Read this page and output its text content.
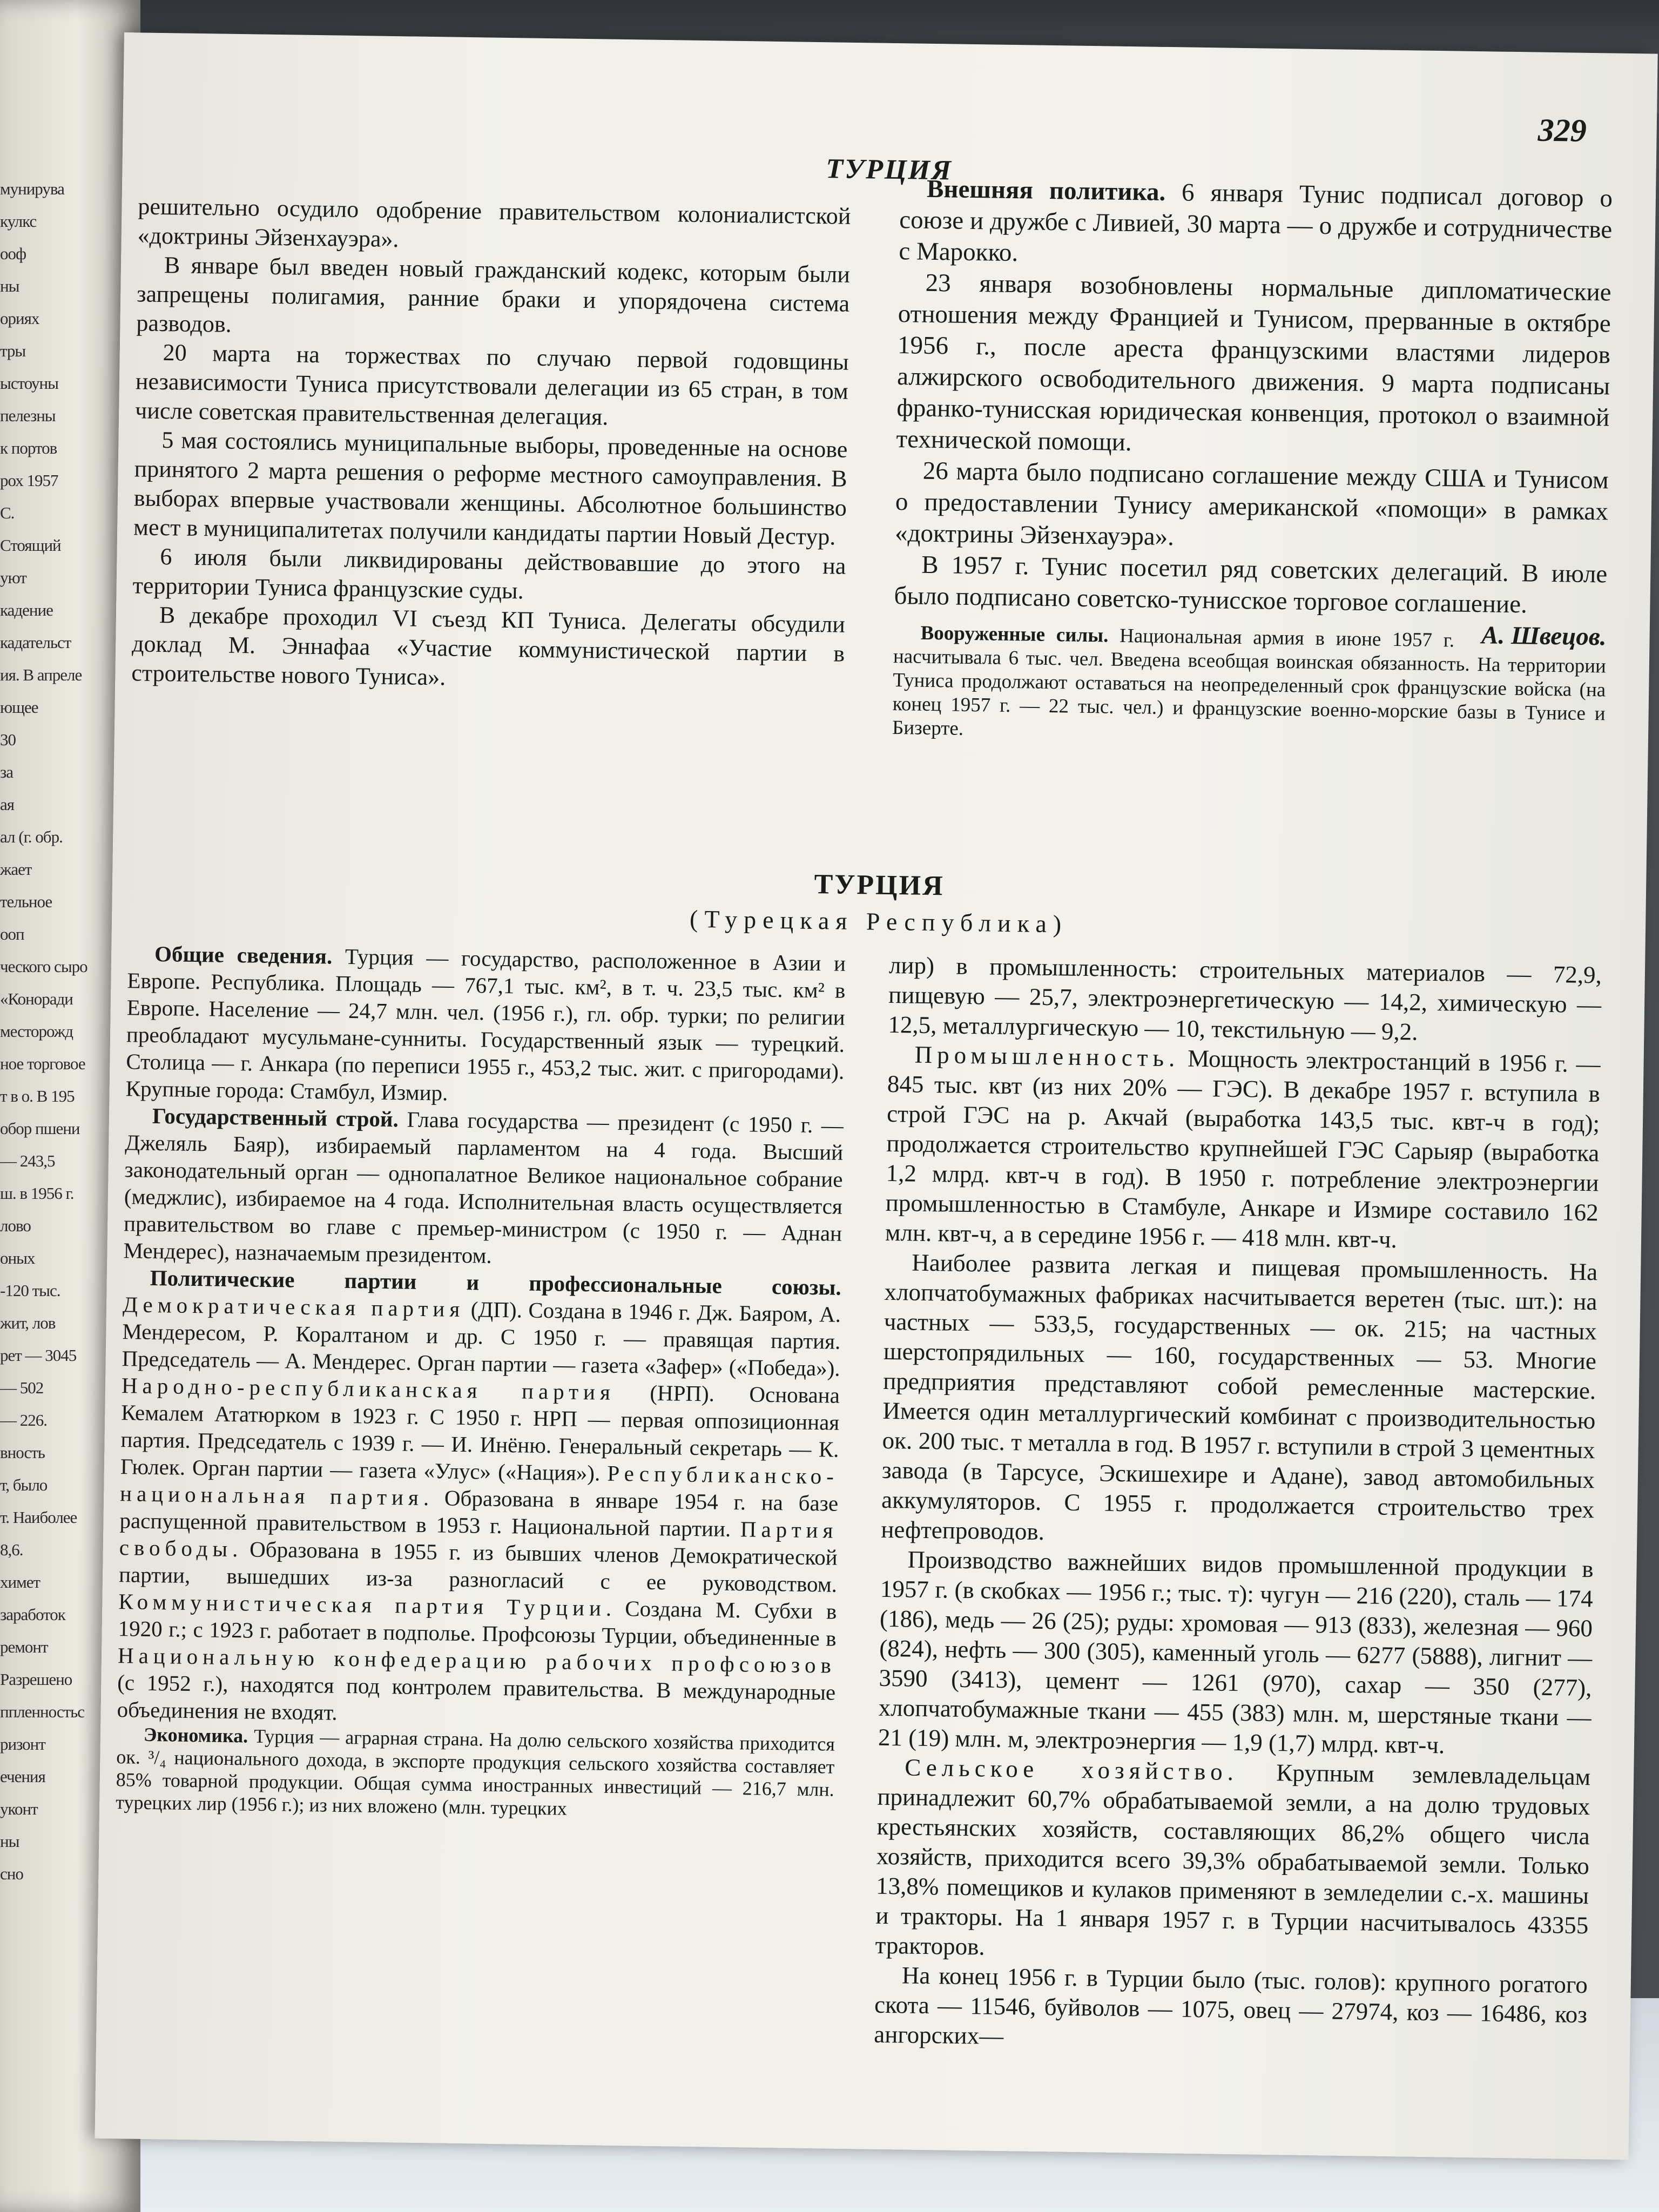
мунирува
кулкс
ооф
ны
ориях
тры
ыстоуны
пелезны
к портов
рох 1957
С.
Стоящий
уют
кадение
кадательст
ия. В апреле
ющее
30
за
ая
ал (г. обр.
жает
тельное
ооп
ческого сыро
«Коноради
месторожд
ное торговое
т в о. В 195
обор пшени
— 243,5
ш. в 1956 г.
лово
оных
-120 тыс.
жит, лов
рет — 3045
— 502
— 226.
вность
т, было
т. Наиболее
8,6.
химет
заработок
ремонт
Разрешено
ппленностьс
ризонт
ечения
уконт
ны
сно
329
ТУРЦИЯ

решительно осудило одобрение правительством колониалистской «доктрины Эйзенхауэра».

В январе был введен новый гражданский кодекс, которым были запрещены полигамия, ранние браки и упорядочена система разводов.

20 марта на торжествах по случаю первой годовщины независимости Туниса присутствовали делегации из 65 стран, в том числе советская правительственная делегация.

5 мая состоялись муниципальные выборы, проведенные на основе принятого 2 марта решения о реформе местного самоуправления. В выборах впервые участвовали женщины. Абсолютное большинство мест в муниципалитетах получили кандидаты партии Новый Дестур.

6 июля были ликвидированы действовавшие до этого на территории Туниса французские суды.

В декабре проходил VI съезд КП Туниса. Делегаты обсудили доклад М. Эннафаа «Участие коммунистической партии в строительстве нового Туниса».

Внешняя политика. 6 января Тунис подписал договор о союзе и дружбе с Ливией, 30 марта — о дружбе и сотрудничестве с Марокко.

23 января возобновлены нормальные дипломатические отношения между Францией и Тунисом, прерванные в октябре 1956 г., после ареста французскими властями лидеров алжирского освободительного движения. 9 марта подписаны франко-тунисская юридическая конвенция, протокол о взаимной технической помощи.

26 марта было подписано соглашение между США и Тунисом о предоставлении Тунису американской «помощи» в рамках «доктрины Эйзенхауэра».

В 1957 г. Тунис посетил ряд советских делегаций. В июле было подписано советско-тунисское торговое соглашение.
А. Швецов.

Вооруженные силы. Национальная армия в июне 1957 г. насчитывала 6 тыс. чел. Введена всеобщая воинская обязанность. На территории Туниса продолжают оставаться на неопределенный срок французские войска (на конец 1957 г. — 22 тыс. чел.) и французские военно-морские базы в Тунисе и Бизерте.

ТУРЦИЯ
(Турецкая Республика)

Общие сведения. Турция — государство, расположенное в Азии и Европе. Республика. Площадь — 767,1 тыс. км², в т. ч. 23,5 тыс. км² в Европе. Население — 24,7 млн. чел. (1956 г.), гл. обр. турки; по религии преобладают мусульмане-сунниты. Государственный язык — турецкий. Столица — г. Анкара (по переписи 1955 г., 453,2 тыс. жит. с пригородами). Крупные города: Стамбул, Измир.

Государственный строй. Глава государства — президент (с 1950 г. — Джеляль Баяр), избираемый парламентом на 4 года. Высший законодательный орган — однопалатное Великое национальное собрание (меджлис), избираемое на 4 года. Исполнительная власть осуществляется правительством во главе с премьер-министром (с 1950 г. — Аднан Мендерес), назначаемым президентом.

Политические партии и профессиональные союзы. Демократическая партия (ДП). Создана в 1946 г. Дж. Баяром, А. Мендересом, Р. Коралтаном и др. С 1950 г. — правящая партия. Председатель — А. Мендерес. Орган партии — газета «Зафер» («Победа»). Народно-республиканская партия (НРП). Основана Кемалем Ататюрком в 1923 г. С 1950 г. НРП — первая оппозиционная партия. Председатель с 1939 г. — И. Инёню. Генеральный секретарь — К. Гюлек. Орган партии — газета «Улус» («Нация»). Республиканско-национальная партия. Образована в январе 1954 г. на базе распущенной правительством в 1953 г. Национальной партии. Партия свободы. Образована в 1955 г. из бывших членов Демократической партии, вышедших из-за разногласий с ее руководством. Коммунистическая партия Турции. Создана М. Субхи в 1920 г.; с 1923 г. работает в подполье. Профсоюзы Турции, объединенные в Национальную конфедерацию рабочих профсоюзов (с 1952 г.), находятся под контролем правительства. В международные объединения не входят.

Экономика. Турция — аграрная страна. На долю сельского хозяйства приходится ок. ³/₄ национального дохода, в экспорте продукция сельского хозяйства составляет 85% товарной продукции. Общая сумма иностранных инвестиций — 216,7 млн. турецких лир (1956 г.); из них вложено (млн. турецких

лир) в промышленность: строительных материалов — 72,9, пищевую — 25,7, электроэнергетическую — 14,2, химическую — 12,5, металлургическую — 10, текстильную — 9,2.

Промышленность. Мощность электростанций в 1956 г. — 845 тыс. квт (из них 20% — ГЭС). В декабре 1957 г. вступила в строй ГЭС на р. Акчай (выработка 143,5 тыс. квт-ч в год); продолжается строительство крупнейшей ГЭС Сарыяр (выработка 1,2 млрд. квт-ч в год). В 1950 г. потребление электроэнергии промышленностью в Стамбуле, Анкаре и Измире составило 162 млн. квт-ч, а в середине 1956 г. — 418 млн. квт-ч.

Наиболее развита легкая и пищевая промышленность. На хлопчатобумажных фабриках насчитывается веретен (тыс. шт.): на частных — 533,5, государственных — ок. 215; на частных шерстопрядильных — 160, государственных — 53. Многие предприятия представляют собой ремесленные мастерские. Имеется один металлургический комбинат с производительностью ок. 200 тыс. т металла в год. В 1957 г. вступили в строй 3 цементных завода (в Тарсусе, Эскишехире и Адане), завод автомобильных аккумуляторов. С 1955 г. продолжается строительство трех нефтепроводов.

Производство важнейших видов промышленной продукции в 1957 г. (в скобках — 1956 г.; тыс. т): чугун — 216 (220), сталь — 174 (186), медь — 26 (25); руды: хромовая — 913 (833), железная — 960 (824), нефть — 300 (305), каменный уголь — 6277 (5888), лигнит — 3590 (3413), цемент — 1261 (970), сахар — 350 (277), хлопчатобумажные ткани — 455 (383) млн. м, шерстяные ткани — 21 (19) млн. м, электроэнергия — 1,9 (1,7) млрд. квт-ч.

Сельское хозяйство. Крупным землевладельцам принадлежит 60,7% обрабатываемой земли, а на долю трудовых крестьянских хозяйств, составляющих 86,2% общего числа хозяйств, приходится всего 39,3% обрабатываемой земли. Только 13,8% помещиков и кулаков применяют в земледелии с.-х. машины и тракторы. На 1 января 1957 г. в Турции насчитывалось 43355 тракторов.

На конец 1956 г. в Турции было (тыс. голов): крупного рогатого скота — 11546, буйволов — 1075, овец — 27974, коз — 16486, коз ангорских—
